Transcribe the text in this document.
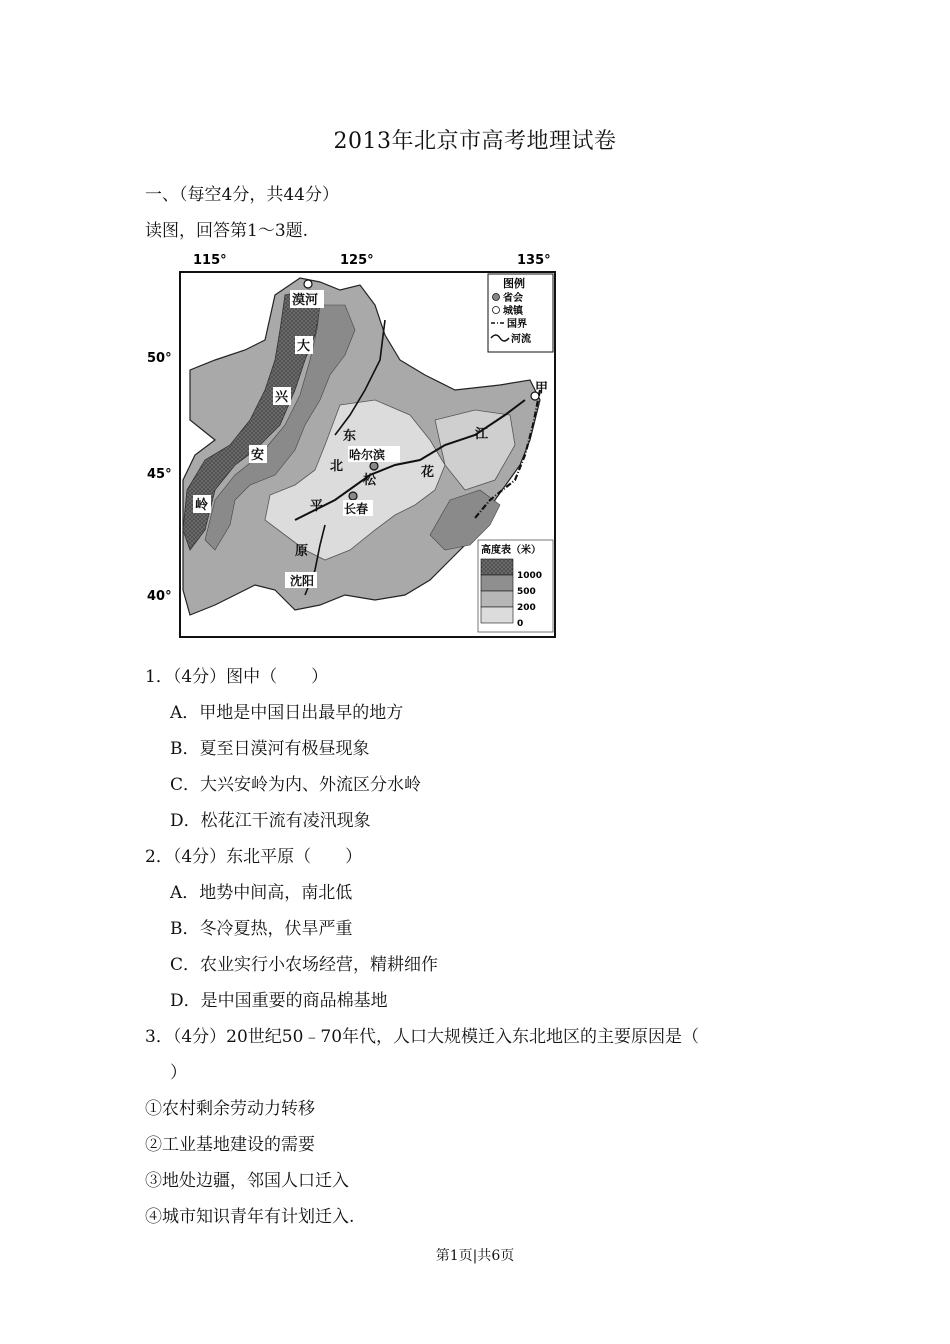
2013年北京市高考地理试卷
一、（每空4分，共44分）
读图，回答第1～3题.
115°	125°	135°
50°
45°
40°
漠河
大
兴
安
岭
东
北
平
原
哈尔滨
松
花
江
长春
沈阳
甲
图例
省会
城镇
国界
河流
高度表（米）
1000
500
200
0
1．（4分）图中（　　）
A．甲地是中国日出最早的地方
B．夏至日漠河有极昼现象
C．大兴安岭为内、外流区分水岭
D．松花江干流有凌汛现象
2．（4分）东北平原（　　）
A．地势中间高，南北低
B．冬冷夏热，伏旱严重
C．农业实行小农场经营，精耕细作
D．是中国重要的商品棉基地
3．（4分）20世纪50﹣70年代，人口大规模迁入东北地区的主要原因是（
）
①农村剩余劳动力转移
②工业基地建设的需要
③地处边疆，邻国人口迁入
④城市知识青年有计划迁入.
第1页|共6页
